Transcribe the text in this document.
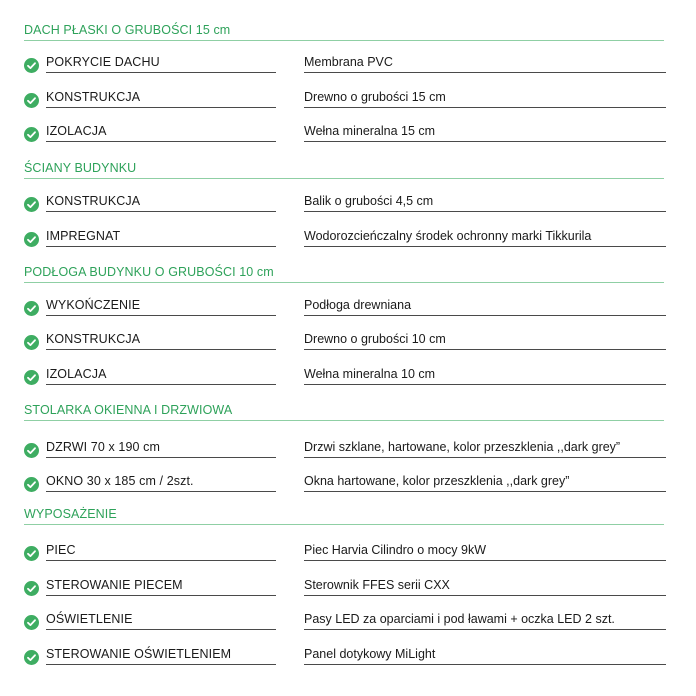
DACH PŁASKI O GRUBOŚCI 15 cm
POKRYCIE DACHU	Membrana PVC
KONSTRUKCJA	Drewno o grubości 15 cm
IZOLACJA	Wełna mineralna 15 cm
ŚCIANY BUDYNKU
KONSTRUKCJA	Balik o grubości 4,5 cm
IMPREGNAT	Wodorozcieńczalny środek ochronny marki Tikkurila
PODŁOGA BUDYNKU O GRUBOŚCI 10 cm
WYKOŃCZENIE	Podłoga drewniana
KONSTRUKCJA	Drewno o grubości 10 cm
IZOLACJA	Wełna mineralna 10 cm
STOLARKA OKIENNA I DRZWIOWA
DZRWI 70 x 190 cm	Drzwi szklane, hartowane, kolor przeszklenia ,,dark grey”
OKNO 30 x 185 cm / 2szt.	Okna hartowane, kolor przeszklenia ,,dark grey”
WYPOSAŻENIE
PIEC	Piec Harvia Cilindro o mocy 9kW
STEROWANIE PIECEM	Sterownik FFES serii CXX
OŚWIETLENIE	Pasy LED za oparciami i pod ławami + oczka LED 2 szt.
STEROWANIE OŚWIETLENIEM	Panel dotykowy MiLight
